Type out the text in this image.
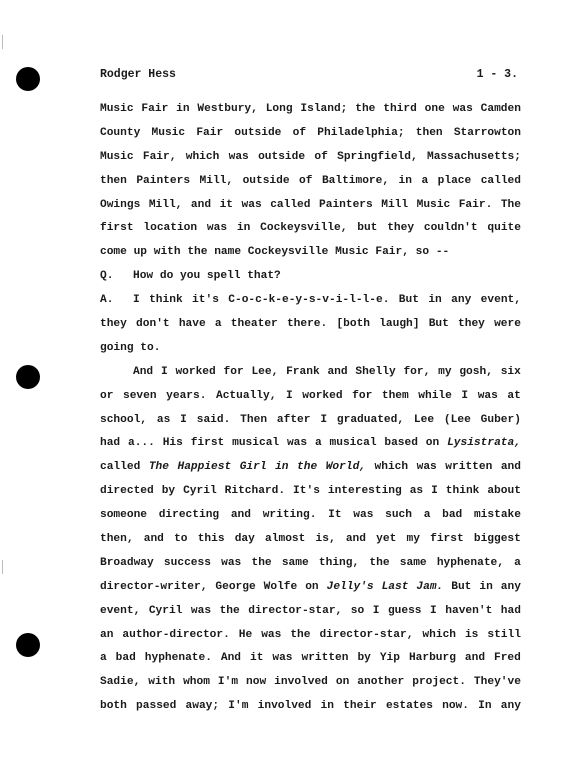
Rodger Hess	1 - 3.
Music Fair in Westbury, Long Island; the third one was Camden
County Music Fair outside of Philadelphia; then Starrowton
Music Fair, which was outside of Springfield, Massachusetts;
then Painters Mill, outside of Baltimore, in a place called
Owings Mill, and it was called Painters Mill Music Fair. The
first location was in Cockeysville, but they couldn't quite
come up with the name Cockeysville Music Fair, so --
Q.	How do you spell that?
A.	I think it's C-o-c-k-e-y-s-v-i-l-l-e. But in any event,
they don't have a theater there. [both laugh] But they were
going to.
And I worked for Lee, Frank and Shelly for, my gosh, six
or seven years. Actually, I worked for them while I was at
school, as I said. Then after I graduated, Lee (Lee Guber)
had a... His first musical was a musical based on Lysistrata,
called The Happiest Girl in the World, which was written and
directed by Cyril Ritchard. It's interesting as I think about
someone directing and writing. It was such a bad mistake
then, and to this day almost is, and yet my first biggest
Broadway success was the same thing, the same hyphenate, a
director-writer, George Wolfe on Jelly's Last Jam. But in any
event, Cyril was the director-star, so I guess I haven't had
an author-director. He was the director-star, which is still
a bad hyphenate. And it was written by Yip Harburg and Fred
Sadie, with whom I'm now involved on another project. They've
both passed away; I'm involved in their estates now. In any
